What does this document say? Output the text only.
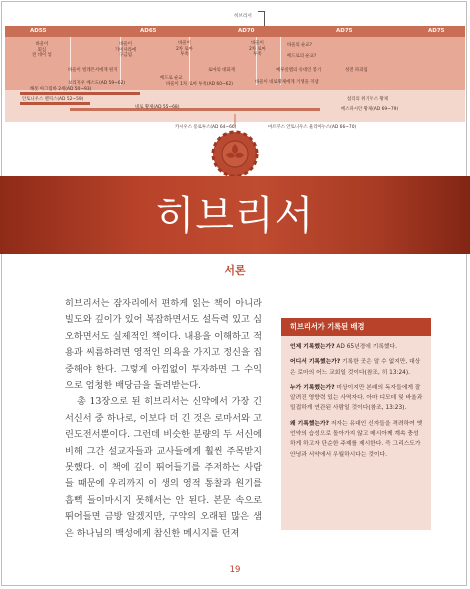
히브리서
AD55	AD65	AD70	AD75	AD75
바울이
회심
전 데이 넣
바울이
가이사라에
구금됨
바울이
2차 로마
투옥
바울이
2차 로마
투옥
바울의 순교?
베드로의 순교?
로마의 대화재	성전 파괴됨
예루살렘의 유대인 봉기
바울이 네로황제에게 거생을 지냄
베드로 순교
바울이 빌레몬서에게 편지
보리지우 베스도(AD 59~62)	바울이 1차 로마 투옥(AD 60~62)
해롯 아그립바 2세(AD 50~93)
안토니우스 펠릭스(AD 52~59)
네로 황제(AD 55~68)
섭리의 위기두스 황제
베스파시안 황제(AD 69~79)
카시우스 롱로투스(AD 64~66)	마르쿠스 안토니우스 율리아누스(AD 66~70)
히브리서
서론

히브리서는 잠자리에서 편하게 읽는 책이 아니라 빌도와 깊이가 있어 복잡하면서도 설득력 있고 심오하면서도 실제적인 책이다. 내용을 이해하고 적용과 씨름하려면 영적인 의욕을 가지고 정신을 집중해야 한다. 그렇게 아낌없이 투자하면 그 수익으로 엄청한 배당금을 돌려받는다.

총 13장으로 된 히브리서는 신약에서 가장 긴 서신서 중 하나로, 이보다 더 긴 것은 로마서와 고린도전서뿐이다. 그런데 비슷한 분량의 두 서신에 비해 그간 설교자들과 교사들에게 훨씬 주목받지 못했다. 이 책에 깊이 뛰어들기를 주저하는 사람들 때문에 우리까지 이 생의 영적 통찰과 원기를 흡뻑 들이마시지 못해서는 안 된다. 본문 속으로 뛰어들면 금방 알겠지만, 구약의 오래된 많은 샘은 하나님의 백성에게 참신한 메시지를 던져

히브리서가 기록된 배경

언제 기록했는가? AD 65년경에 기록했다.

어디서 기록했는가? 기록한 곳은 알 수 없지만, 대상은 로마의 어느 교회일 것이다(참조, 히 13:24).

누가 기록했는가? 미상이지만 본래의 독자들에게 잘 알려진 영향력 있는 사역자다. 아마 디모데 및 바울과 밀접하게 연관된 사람일 것이다(참조, 13:23).

왜 기록했는가? 저자는 유대인 신자들을 격려하여 옛 언약의 습성으로 돌아가지 않고 메시아께 계속 충성하게 하고자 단순한 주제를 제시한다. 즉 그리스도가 안녕과 서약에서 우월하시다는 것이다.

19
